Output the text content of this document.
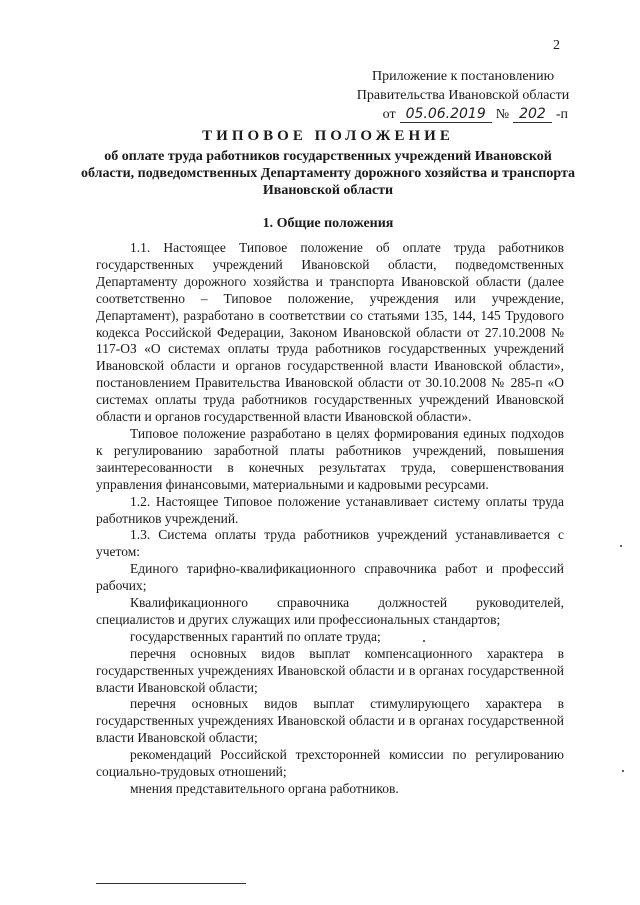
2
Приложение к постановлению
Правительства Ивановской области
от 05.06.2019 № 202 -п
ТИПОВОЕ ПОЛОЖЕНИЕ
об оплате труда работников государственных учреждений Ивановской области, подведомственных Департаменту дорожного хозяйства и транспорта Ивановской области
1. Общие положения

1.1. Настоящее Типовое положение об оплате труда работников государственных учреждений Ивановской области, подведомственных Департаменту дорожного хозяйства и транспорта Ивановской области (далее соответственно – Типовое положение, учреждения или учреждение, Департамент), разработано в соответствии со статьями 135, 144, 145 Трудового кодекса Российской Федерации, Законом Ивановской области от 27.10.2008 № 117-ОЗ «О системах оплаты труда работников государственных учреждений Ивановской области и органов государственной власти Ивановской области», постановлением Правительства Ивановской области от 30.10.2008 № 285-п «О системах оплаты труда работников государственных учреждений Ивановской области и органов государственной власти Ивановской области».

Типовое положение разработано в целях формирования единых подходов к регулированию заработной платы работников учреждений, повышения заинтересованности в конечных результатах труда, совершенствования управления финансовыми, материальными и кадровыми ресурсами.

1.2. Настоящее Типовое положение устанавливает систему оплаты труда работников учреждений.

1.3. Система оплаты труда работников учреждений устанавливается с учетом:

Единого тарифно-квалификационного справочника работ и профессий рабочих;

Квалификационного справочника должностей руководителей, специалистов и других служащих или профессиональных стандартов;

государственных гарантий по оплате труда;

перечня основных видов выплат компенсационного характера в государственных учреждениях Ивановской области и в органах государственной власти Ивановской области;

перечня основных видов выплат стимулирующего характера в государственных учреждениях Ивановской области и в органах государственной власти Ивановской области;

рекомендаций Российской трехсторонней комиссии по регулированию социально-трудовых отношений;

мнения представительного органа работников.
